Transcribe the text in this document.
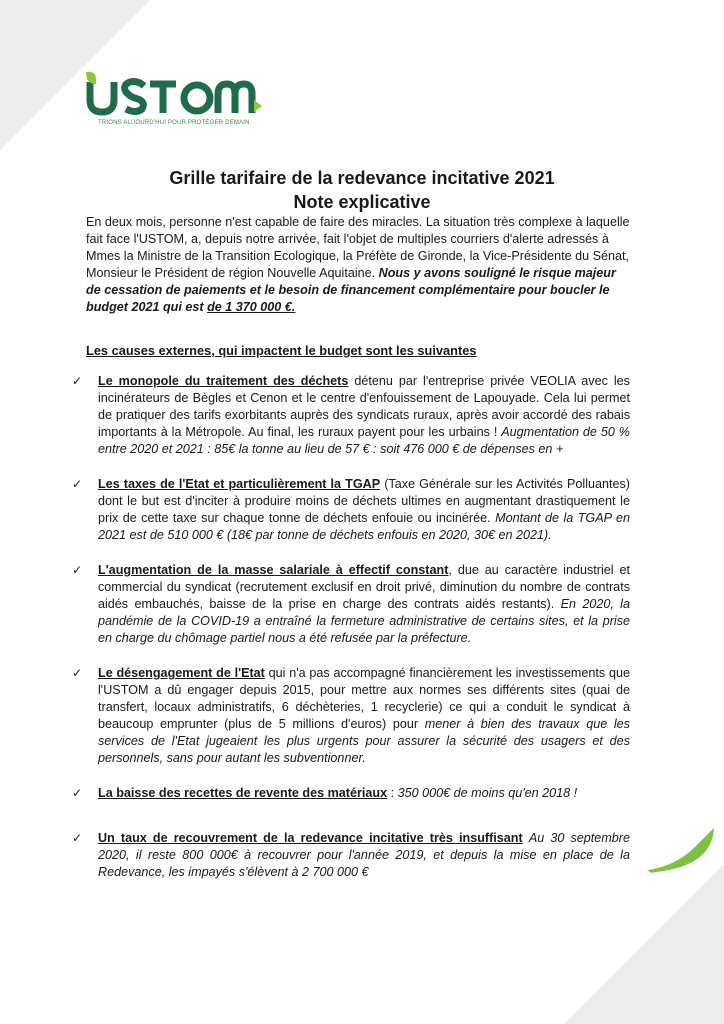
TRIONS AUJOURD'HUI POUR PROTÉGER DEMAIN
Grille tarifaire de la redevance incitative 2021
Note explicative

En deux mois, personne n'est capable de faire des miracles. La situation très complexe à laquelle fait face l'USTOM, a, depuis notre arrivée, fait l'objet de multiples courriers d'alerte adressés à Mmes la Ministre de la Transition Ecologique, la Préfète de Gironde, la Vice-Présidente du Sénat, Monsieur le Président de région Nouvelle Aquitaine. Nous y avons souligné le risque majeur de cessation de paiements et le besoin de financement complémentaire pour boucler le budget 2021 qui est de 1 370 000 €.

Les causes externes, qui impactent le budget sont les suivantes
✓ Le monopole du traitement des déchets détenu par l'entreprise privée VEOLIA avec les incinérateurs de Bègles et Cenon et le centre d'enfouissement de Lapouyade. Cela lui permet de pratiquer des tarifs exorbitants auprès des syndicats ruraux, après avoir accordé des rabais importants à la Métropole. Au final, les ruraux payent pour les urbains ! Augmentation de 50 % entre 2020 et 2021 : 85€ la tonne au lieu de 57 € : soit 476 000 € de dépenses en +
✓ Les taxes de l'Etat et particulièrement la TGAP (Taxe Générale sur les Activités Polluantes) dont le but est d'inciter à produire moins de déchets ultimes en augmentant drastiquement le prix de cette taxe sur chaque tonne de déchets enfouie ou incinérée. Montant de la TGAP en 2021 est de 510 000 € (18€ par tonne de déchets enfouis en 2020, 30€ en 2021).
✓ L'augmentation de la masse salariale à effectif constant, due au caractère industriel et commercial du syndicat (recrutement exclusif en droit privé, diminution du nombre de contrats aidés embauchés, baisse de la prise en charge des contrats aidés restants). En 2020, la pandémie de la COVID-19 a entraîné la fermeture administrative de certains sites, et la prise en charge du chômage partiel nous a été refusée par la préfecture.
✓ Le désengagement de l'Etat qui n'a pas accompagné financièrement les investissements que l'USTOM a dû engager depuis 2015, pour mettre aux normes ses différents sites (quai de transfert, locaux administratifs, 6 déchèteries, 1 recyclerie) ce qui a conduit le syndicat à beaucoup emprunter (plus de 5 millions d'euros) pour mener à bien des travaux que les services de l'Etat jugeaient les plus urgents pour assurer la sécurité des usagers et des personnels, sans pour autant les subventionner.
✓ La baisse des recettes de revente des matériaux : 350 000€ de moins qu'en 2018 !
✓ Un taux de recouvrement de la redevance incitative très insuffisant Au 30 septembre 2020, il reste 800 000€ à recouvrer pour l'année 2019, et depuis la mise en place de la Redevance, les impayés s'élèvent à 2 700 000 €
